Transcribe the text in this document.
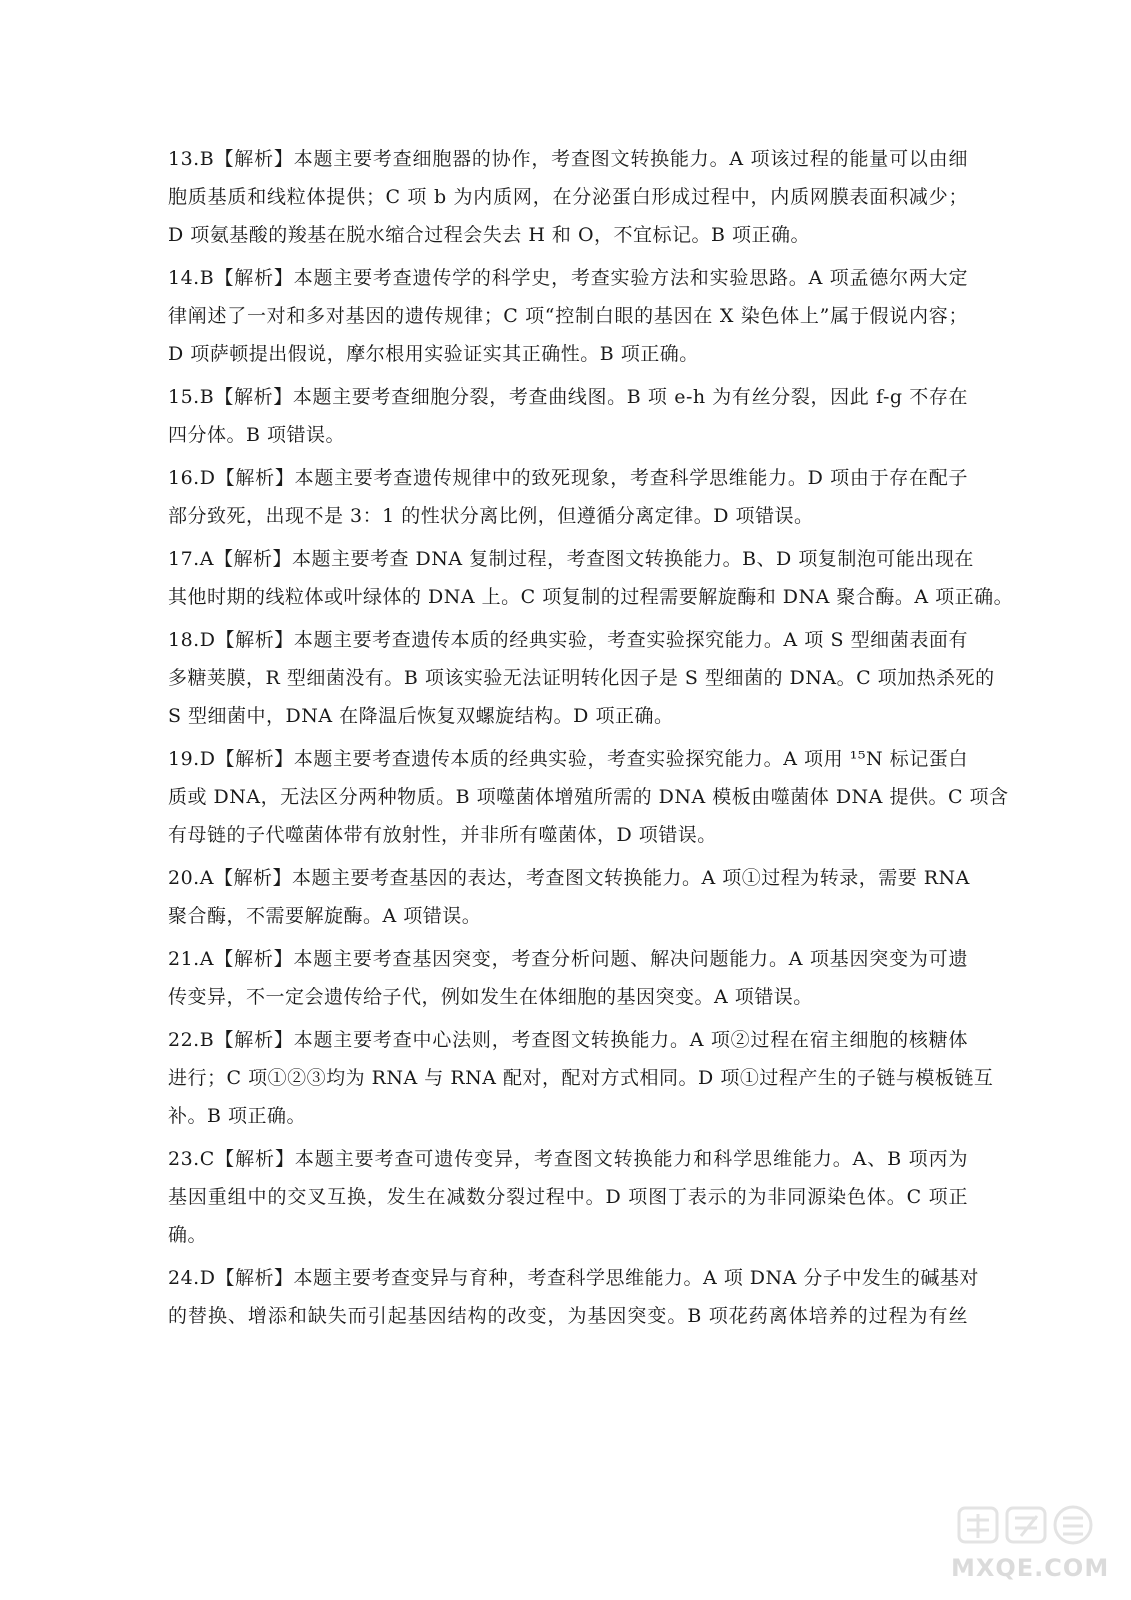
13.B【解析】本题主要考查细胞器的协作，考查图文转换能力。A 项该过程的能量可以由细
胞质基质和线粒体提供；C 项 b 为内质网，在分泌蛋白形成过程中，内质网膜表面积减少；
D 项氨基酸的羧基在脱水缩合过程会失去 H 和 O，不宜标记。B 项正确。
14.B【解析】本题主要考查遗传学的科学史，考查实验方法和实验思路。A 项孟德尔两大定
律阐述了一对和多对基因的遗传规律；C 项“控制白眼的基因在 X 染色体上”属于假说内容；
D 项萨顿提出假说，摩尔根用实验证实其正确性。B 项正确。
15.B【解析】本题主要考查细胞分裂，考查曲线图。B 项 e-h 为有丝分裂，因此 f-g 不存在
四分体。B 项错误。
16.D【解析】本题主要考查遗传规律中的致死现象，考查科学思维能力。D 项由于存在配子
部分致死，出现不是 3：1 的性状分离比例，但遵循分离定律。D 项错误。
17.A【解析】本题主要考查 DNA 复制过程，考查图文转换能力。B、D 项复制泡可能出现在
其他时期的线粒体或叶绿体的 DNA 上。C 项复制的过程需要解旋酶和 DNA 聚合酶。A 项正确。
18.D【解析】本题主要考查遗传本质的经典实验，考查实验探究能力。A 项 S 型细菌表面有
多糖荚膜，R 型细菌没有。B 项该实验无法证明转化因子是 S 型细菌的 DNA。C 项加热杀死的
S 型细菌中，DNA 在降温后恢复双螺旋结构。D 项正确。
19.D【解析】本题主要考查遗传本质的经典实验，考查实验探究能力。A 项用 ¹⁵N 标记蛋白
质或 DNA，无法区分两种物质。B 项噬菌体增殖所需的 DNA 模板由噬菌体 DNA 提供。C 项含
有母链的子代噬菌体带有放射性，并非所有噬菌体，D 项错误。
20.A【解析】本题主要考查基因的表达，考查图文转换能力。A 项①过程为转录，需要 RNA
聚合酶，不需要解旋酶。A 项错误。
21.A【解析】本题主要考查基因突变，考查分析问题、解决问题能力。A 项基因突变为可遗
传变异，不一定会遗传给子代，例如发生在体细胞的基因突变。A 项错误。
22.B【解析】本题主要考查中心法则，考查图文转换能力。A 项②过程在宿主细胞的核糖体
进行；C 项①②③均为 RNA 与 RNA 配对，配对方式相同。D 项①过程产生的子链与模板链互
补。B 项正确。
23.C【解析】本题主要考查可遗传变异，考查图文转换能力和科学思维能力。A、B 项丙为
基因重组中的交叉互换，发生在减数分裂过程中。D 项图丁表示的为非同源染色体。C 项正
确。
24.D【解析】本题主要考查变异与育种，考查科学思维能力。A 项 DNA 分子中发生的碱基对
的替换、增添和缺失而引起基因结构的改变，为基因突变。B 项花药离体培养的过程为有丝
MXQE.COM
